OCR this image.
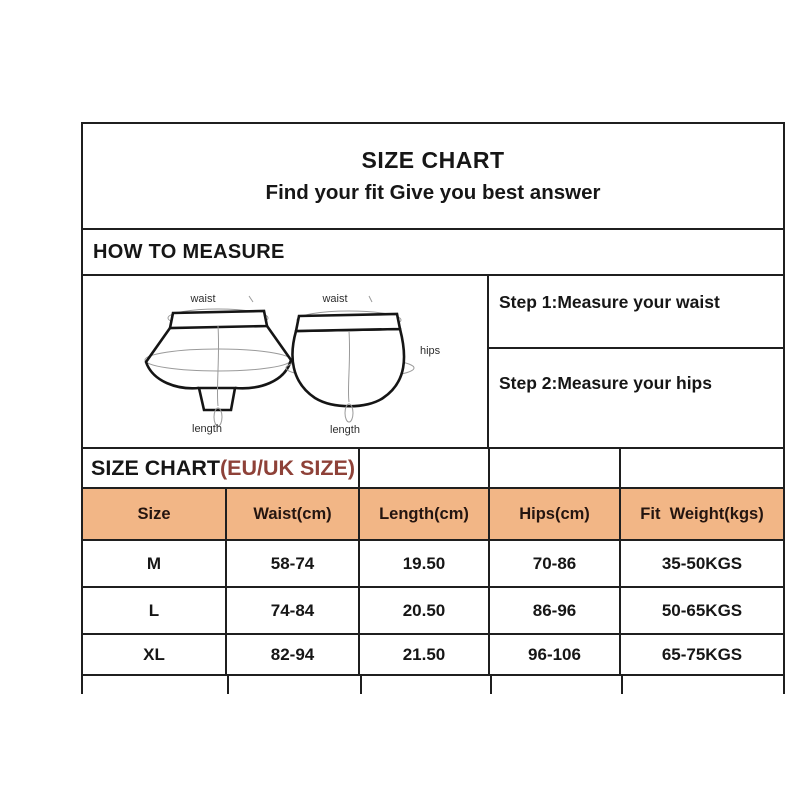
SIZE CHART
Find your fit Give you best answer
HOW TO MEASURE
waist
length
waist
hips
length
Step 1:Measure your waist
Step 2:Measure your hips
SIZE CHART (EU/UK SIZE)
Size	Waist(cm)	Length(cm)	Hips(cm)	Fit  Weight(kgs)
M	58-74	19.50	70-86	35-50KGS
L	74-84	20.50	86-96	50-65KGS
XL	82-94	21.50	96-106	65-75KGS
